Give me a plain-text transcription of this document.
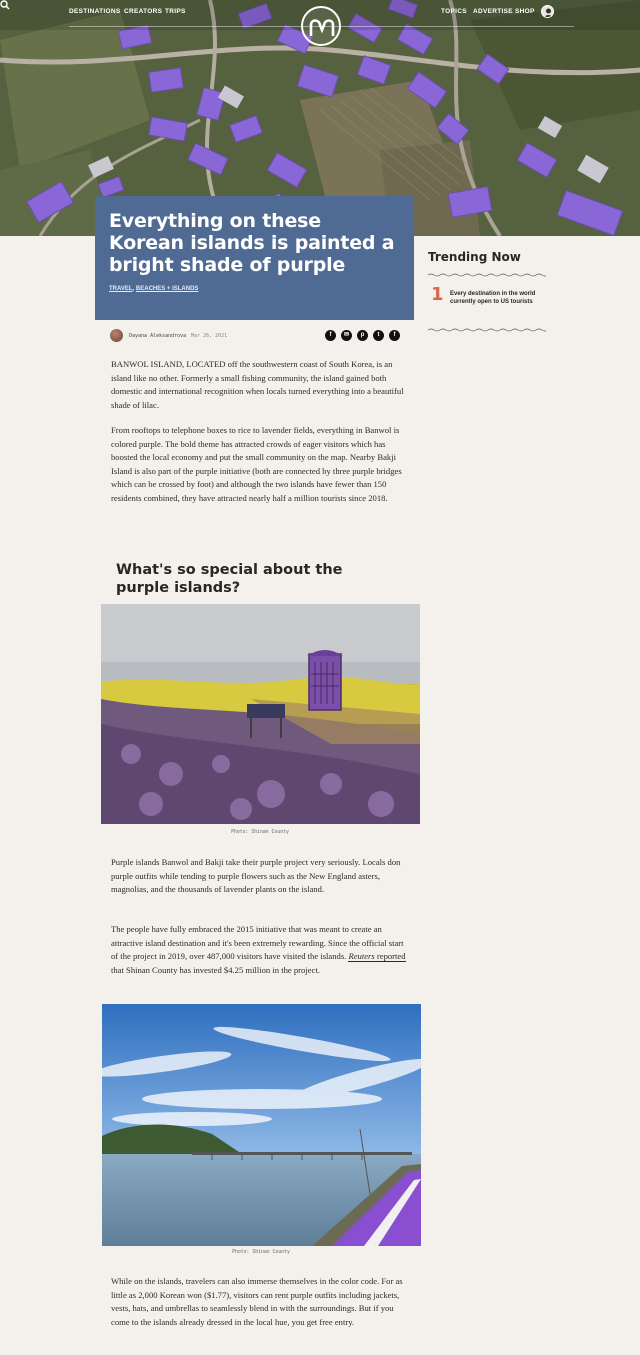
DESTINATIONS CREATORS TRIPS	TOPICS ADVERTISE SHOP
Everything on these Korean islands is painted a bright shade of purple
TRAVEL, BEACHES + ISLANDS
Trending Now
1 Every destination in the world currently open to US tourists
Dayana Aleksandrova Mar 26, 2021	f	✉	p	t	f

BANWOL ISLAND, LOCATED off the southwestern coast of South Korea, is an island like no other. Formerly a small fishing community, the island gained both domestic and international recognition when locals turned everything into a beautiful shade of lilac.

From rooftops to telephone boxes to rice to lavender fields, everything in Banwol is colored purple. The bold theme has attracted crowds of eager visitors which has boosted the local economy and put the small community on the map. Nearby Bakji Island is also part of the purple initiative (both are connected by three purple bridges which can be crossed by foot) and although the two islands have fewer than 150 residents combined, they have attracted nearly half a million tourists since 2018.

What's so special about the purple islands?
Photo: Shinan County

Purple islands Banwol and Bakji take their purple project very seriously. Locals don purple outfits while tending to purple flowers such as the New England asters, magnolias, and the thousands of lavender plants on the island.

The people have fully embraced the 2015 initiative that was meant to create an attractive island destination and it's been extremely rewarding. Since the official start of the project in 2019, over 487,000 visitors have visited the islands. Reuters reported that Shinan County has invested $4.25 million in the project.

Photo: Shinan County

While on the islands, travelers can also immerse themselves in the color code. For as little as 2,000 Korean won ($1.77), visitors can rent purple outfits including jackets, vests, hats, and umbrellas to seamlessly blend in with the surroundings. But if you come to the islands already dressed in the local hue, you get free entry.
